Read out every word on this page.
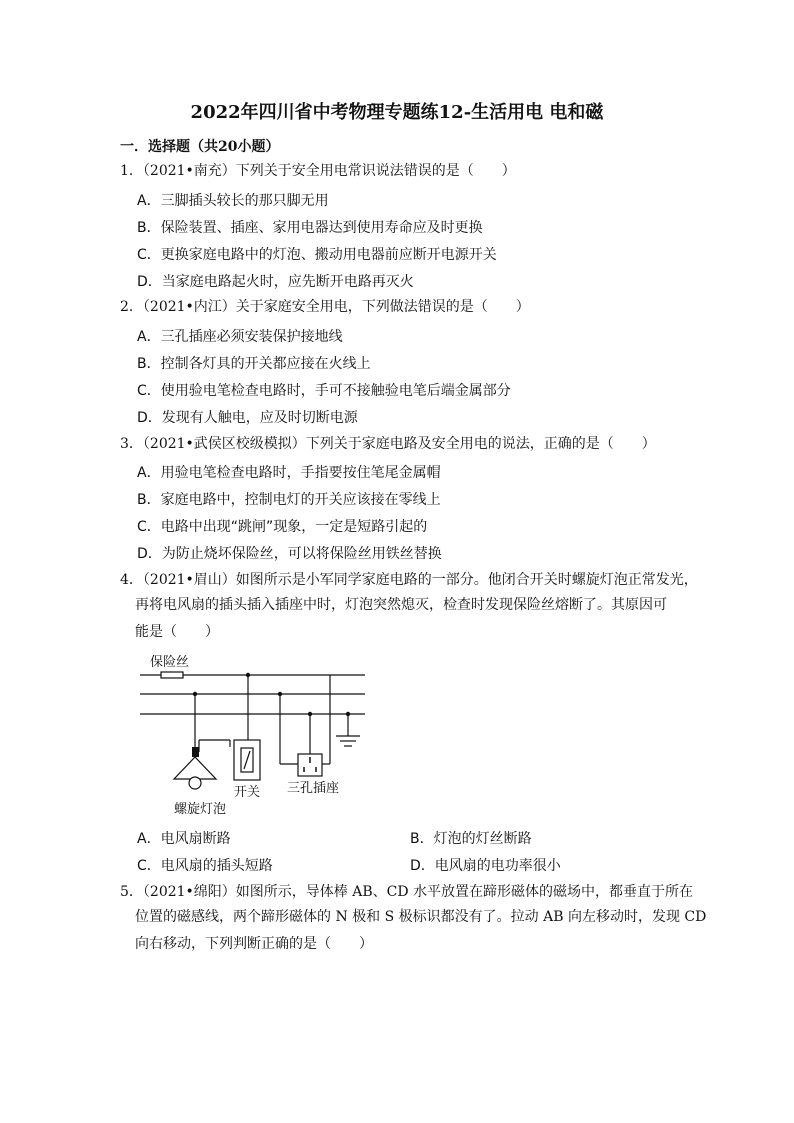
2022年四川省中考物理专题练12-生活用电 电和磁
一．选择题（共20小题）
1．（2021•南充）下列关于安全用电常识说法错误的是（　　）
A．三脚插头较长的那只脚无用
B．保险装置、插座、家用电器达到使用寿命应及时更换
C．更换家庭电路中的灯泡、搬动用电器前应断开电源开关
D．当家庭电路起火时，应先断开电路再灭火
2．（2021•内江）关于家庭安全用电，下列做法错误的是（　　）
A．三孔插座必须安装保护接地线
B．控制各灯具的开关都应接在火线上
C．使用验电笔检查电路时，手可不接触验电笔后端金属部分
D．发现有人触电，应及时切断电源
3．（2021•武侯区校级模拟）下列关于家庭电路及安全用电的说法，正确的是（　　）
A．用验电笔检查电路时，手指要按住笔尾金属帽
B．家庭电路中，控制电灯的开关应该接在零线上
C．电路中出现“跳闸”现象，一定是短路引起的
D．为防止烧坏保险丝，可以将保险丝用铁丝替换
4．（2021•眉山）如图所示是小军同学家庭电路的一部分。他闭合开关时螺旋灯泡正常发光，
再将电风扇的插头插入插座中时，灯泡突然熄灭，检查时发现保险丝熔断了。其原因可
能是（　　）
保险丝
螺旋灯泡
开关 三孔插座
A．电风扇断路	B．灯泡的灯丝断路
C．电风扇的插头短路	D．电风扇的电功率很小
5．（2021•绵阳）如图所示，导体棒 AB、CD 水平放置在蹄形磁体的磁场中，都垂直于所在
位置的磁感线，两个蹄形磁体的 N 极和 S 极标识都没有了。拉动 AB 向左移动时，发现 CD
向右移动，下列判断正确的是（　　）
